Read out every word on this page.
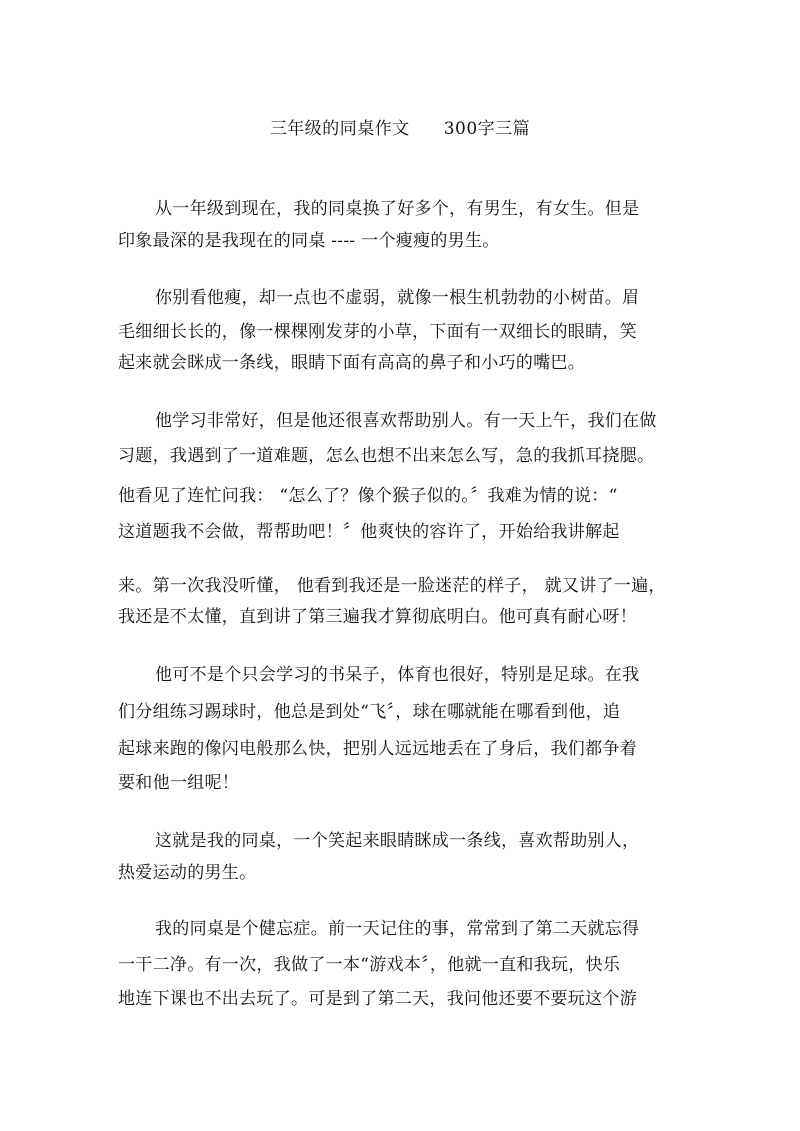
三年级的同桌作文 300字三篇
从一年级到现在，我的同桌换了好多个，有男生，有女生。但是
印象最深的是我现在的同桌 ---- 一个瘦瘦的男生。
你别看他瘦，却一点也不虚弱，就像一根生机勃勃的小树苗。眉
毛细细长长的，像一棵棵刚发芽的小草，下面有一双细长的眼睛，笑
起来就会眯成一条线，眼睛下面有高高的鼻子和小巧的嘴巴。
他学习非常好，但是他还很喜欢帮助别人。有一天上午，我们在做
习题，我遇到了一道难题，怎么也想不出来怎么写，急的我抓耳挠腮。
他看见了连忙问我： “怎么了？像个猴子似的。〞我难为情的说：“
这道题我不会做，帮帮助吧！〞他爽快的容许了，开始给我讲解起
来。第一次我没听懂， 他看到我还是一脸迷茫的样子， 就又讲了一遍，
我还是不太懂，直到讲了第三遍我才算彻底明白。他可真有耐心呀！
他可不是个只会学习的书呆子，体育也很好，特别是足球。在我
们分组练习踢球时，他总是到处“飞〞，球在哪就能在哪看到他，追
起球来跑的像闪电般那么快，把别人远远地丢在了身后，我们都争着
要和他一组呢！
这就是我的同桌，一个笑起来眼睛眯成一条线，喜欢帮助别人，
热爱运动的男生。
我的同桌是个健忘症。前一天记住的事，常常到了第二天就忘得
一干二净。有一次，我做了一本“游戏本〞，他就一直和我玩，快乐
地连下课也不出去玩了。可是到了第二天，我问他还要不要玩这个游
